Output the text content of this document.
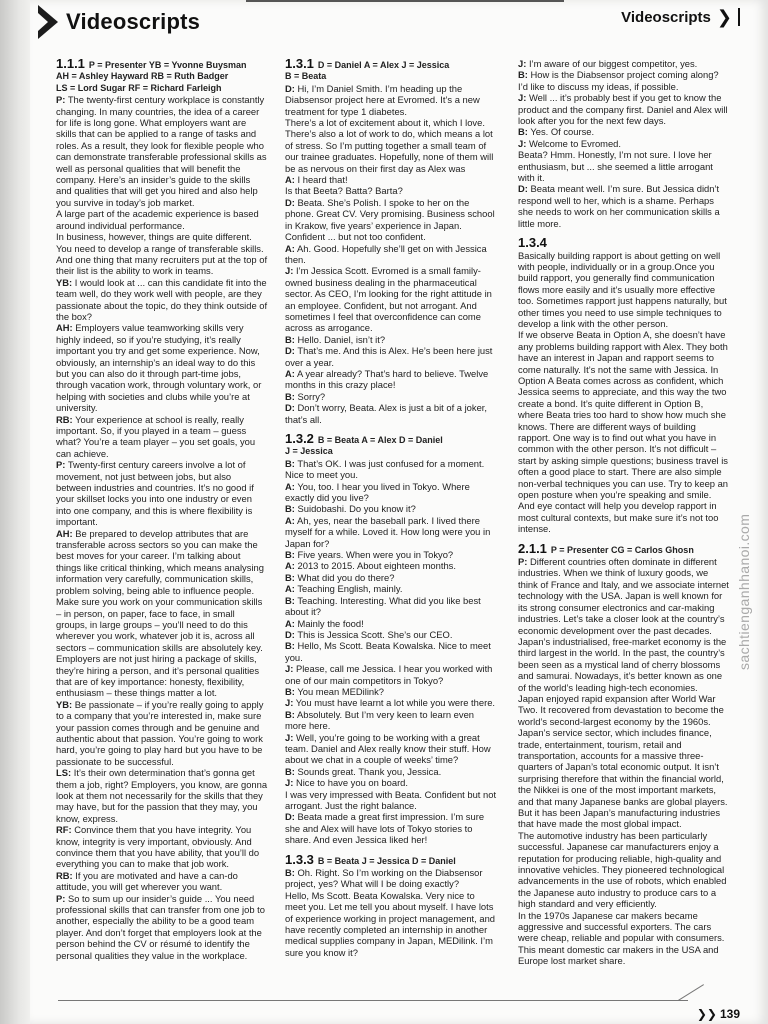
Videoscripts	Videoscripts ❯
1.1.1 P = Presenter YB = Yvonne Buysman
AH = Ashley Hayward RB = Ruth Badger
LS = Lord Sugar RF = Richard Farleigh

P: The twenty-first century workplace is constantly changing. In many countries, the idea of a career for life is long gone. What employers want are skills that can be applied to a range of tasks and roles. As a result, they look for flexible people who can demonstrate transferable professional skills as well as personal qualities that will benefit the company. Here’s an insider’s guide to the skills and qualities that will get you hired and also help you survive in today’s job market.

A large part of the academic experience is based around individual performance.

In business, however, things are quite different. You need to develop a range of transferable skills. And one thing that many recruiters put at the top of their list is the ability to work in teams.

YB: I would look at ... can this candidate fit into the team well, do they work well with people, are they passionate about the topic, do they think outside of the box?

AH: Employers value teamworking skills very highly indeed, so if you’re studying, it’s really important you try and get some experience. Now, obviously, an internship’s an ideal way to do this but you can also do it through part-time jobs, through vacation work, through voluntary work, or helping with societies and clubs while you’re at university.

RB: Your experience at school is really, really important. So, if you played in a team – guess what? You’re a team player – you set goals, you can achieve.

P: Twenty-first century careers involve a lot of movement, not just between jobs, but also between industries and countries. It’s no good if your skillset locks you into one industry or even into one company, and this is where flexibility is important.

AH: Be prepared to develop attributes that are transferable across sectors so you can make the best moves for your career. I’m talking about things like critical thinking, which means analysing information very carefully, communication skills, problem solving, being able to influence people. Make sure you work on your communication skills – in person, on paper, face to face, in small groups, in large groups – you’ll need to do this wherever you work, whatever job it is, across all sectors – communication skills are absolutely key.

Employers are not just hiring a package of skills, they’re hiring a person, and it’s personal qualities that are of key importance: honesty, flexibility, enthusiasm – these things matter a lot.

YB: Be passionate – if you’re really going to apply to a company that you’re interested in, make sure your passion comes through and be genuine and authentic about that passion. You’re going to work hard, you’re going to play hard but you have to be passionate to be successful.

LS: It’s their own determination that’s gonna get them a job, right? Employers, you know, are gonna look at them not necessarily for the skills that they may have, but for the passion that they may, you know, express.

RF: Convince them that you have integrity. You know, integrity is very important, obviously. And convince them that you have ability, that you’ll do everything you can to make that job work.

RB: If you are motivated and have a can-do attitude, you will get wherever you want.

P: So to sum up our insider’s guide ... You need professional skills that can transfer from one job to another, especially the ability to be a good team player. And don’t forget that employers look at the person behind the CV or résumé to identify the personal qualities they value in the workplace.

1.3.1 D = Daniel A = Alex J = Jessica
B = Beata

D: Hi, I’m Daniel Smith. I’m heading up the Diabsensor project here at Evromed. It’s a new treatment for type 1 diabetes.

There’s a lot of excitement about it, which I love. There’s also a lot of work to do, which means a lot of stress. So I’m putting together a small team of our trainee graduates. Hopefully, none of them will be as nervous on their first day as Alex was

A: I heard that!

Is that Beeta? Batta? Barta?

D: Beata. She’s Polish. I spoke to her on the phone. Great CV. Very promising. Business school in Krakow, five years’ experience in Japan. Confident ... but not too confident.

A: Ah. Good. Hopefully she’ll get on with Jessica then.

J: I’m Jessica Scott. Evromed is a small family-owned business dealing in the pharmaceutical sector. As CEO, I’m looking for the right attitude in an employee. Confident, but not arrogant. And sometimes I feel that overconfidence can come across as arrogance.

B: Hello. Daniel, isn’t it?

D: That’s me. And this is Alex. He’s been here just over a year.

A: A year already? That’s hard to believe. Twelve months in this crazy place!

B: Sorry?

D: Don’t worry, Beata. Alex is just a bit of a joker, that’s all.

1.3.2 B = Beata A = Alex D = Daniel
J = Jessica

B: That’s OK. I was just confused for a moment. Nice to meet you.

A: You, too. I hear you lived in Tokyo. Where exactly did you live?

B: Suidobashi. Do you know it?

A: Ah, yes, near the baseball park. I lived there myself for a while. Loved it. How long were you in Japan for?

B: Five years. When were you in Tokyo?

A: 2013 to 2015. About eighteen months.

B: What did you do there?

A: Teaching English, mainly.

B: Teaching. Interesting. What did you like best about it?

A: Mainly the food!

D: This is Jessica Scott. She’s our CEO.

B: Hello, Ms Scott. Beata Kowalska. Nice to meet you.

J: Please, call me Jessica. I hear you worked with one of our main competitors in Tokyo?

B: You mean MEDilink?

J: You must have learnt a lot while you were there.

B: Absolutely. But I’m very keen to learn even more here.

J: Well, you’re going to be working with a great team. Daniel and Alex really know their stuff. How about we chat in a couple of weeks’ time?

B: Sounds great. Thank you, Jessica.

J: Nice to have you on board.

I was very impressed with Beata. Confident but not arrogant. Just the right balance.

D: Beata made a great first impression. I’m sure she and Alex will have lots of Tokyo stories to share. And even Jessica liked her!

1.3.3 B = Beata J = Jessica D = Daniel

B: Oh. Right. So I’m working on the Diabsensor project, yes? What will I be doing exactly?

Hello, Ms Scott. Beata Kowalska. Very nice to meet you. Let me tell you about myself. I have lots of experience working in project management, and have recently completed an internship in another medical supplies company in Japan, MEDilink. I’m sure you know it?

J: I’m aware of our biggest competitor, yes.

B: How is the Diabsensor project coming along? I’d like to discuss my ideas, if possible.

J: Well ... it’s probably best if you get to know the product and the company first. Daniel and Alex will look after you for the next few days.

B: Yes. Of course.

J: Welcome to Evromed.

Beata? Hmm. Honestly, I’m not sure. I love her enthusiasm, but ... she seemed a little arrogant with it.

D: Beata meant well. I’m sure. But Jessica didn’t respond well to her, which is a shame. Perhaps she needs to work on her communication skills a little more.

1.3.4

Basically building rapport is about getting on well with people, individually or in a group.Once you build rapport, you generally find communication flows more easily and it’s usually more effective too. Sometimes rapport just happens naturally, but other times you need to use simple techniques to develop a link with the other person.

If we observe Beata in Option A, she doesn’t have any problems building rapport with Alex. They both have an interest in Japan and rapport seems to come naturally. It’s not the same with Jessica. In Option A Beata comes across as confident, which Jessica seems to appreciate, and this way the two create a bond. It’s quite different in Option B, where Beata tries too hard to show how much she knows. There are different ways of building rapport. One way is to find out what you have in common with the other person. It’s not difficult – start by asking simple questions; business travel is often a good place to start. There are also simple non-verbal techniques you can use. Try to keep an open posture when you’re speaking and smile. And eye contact will help you develop rapport in most cultural contexts, but make sure it’s not too intense.

2.1.1 P = Presenter CG = Carlos Ghosn

P: Different countries often dominate in different industries. When we think of luxury goods, we think of France and Italy, and we associate internet technology with the USA. Japan is well known for its strong consumer electronics and car-making industries. Let’s take a closer look at the country’s economic development over the past decades.

Japan’s industrialised, free-market economy is the third largest in the world. In the past, the country’s been seen as a mystical land of cherry blossoms and samurai. Nowadays, it’s better known as one of the world’s leading high-tech economies.

Japan enjoyed rapid expansion after World War Two. It recovered from devastation to become the world’s second-largest economy by the 1960s.

Japan’s service sector, which includes finance, trade, entertainment, tourism, retail and transportation, accounts for a massive three-quarters of Japan’s total economic output. It isn’t surprising therefore that within the financial world, the Nikkei is one of the most important markets, and that many Japanese banks are global players.

But it has been Japan’s manufacturing industries that have made the most global impact.

The automotive industry has been particularly successful. Japanese car manufacturers enjoy a reputation for producing reliable, high-quality and innovative vehicles. They pioneered technological advancements in the use of robots, which enabled the Japanese auto industry to produce cars to a high standard and very efficiently.

In the 1970s Japanese car makers became aggressive and successful exporters. The cars were cheap, reliable and popular with consumers. This meant domestic car makers in the USA and Europe lost market share.

sachtienganhhanoi.com
❯❯ 139
